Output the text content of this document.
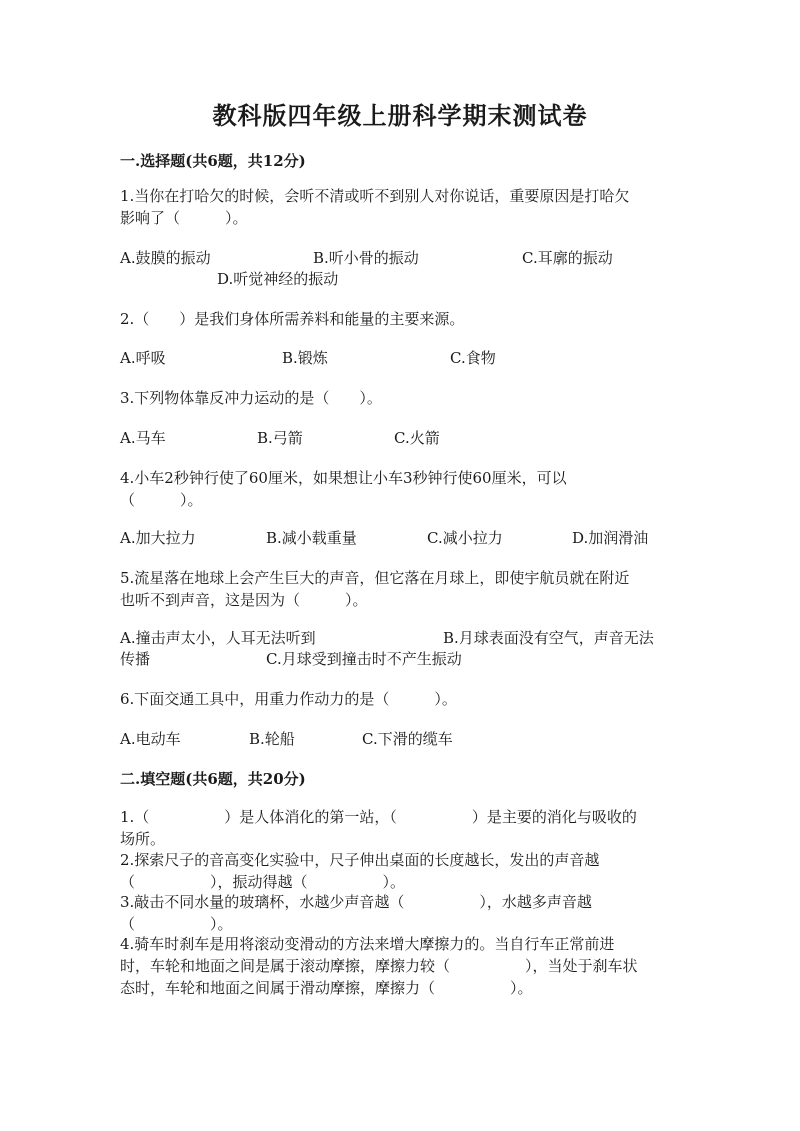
教科版四年级上册科学期末测试卷
一.选择题(共6题，共12分)
1.当你在打哈欠的时候，会听不清或听不到别人对你说话，重要原因是打哈欠
影响了（　　　）。
A.鼓膜的振动	B.听小骨的振动	C.耳廓的振动
D.听觉神经的振动
2.（　　）是我们身体所需养料和能量的主要来源。
A.呼吸	B.锻炼	C.食物
3.下列物体靠反冲力运动的是（　　）。
A.马车	B.弓箭	C.火箭
4.小车2秒钟行使了60厘米，如果想让小车3秒钟行使60厘米，可以
（　　　）。
A.加大拉力	B.减小载重量	C.减小拉力	D.加润滑油
5.流星落在地球上会产生巨大的声音，但它落在月球上，即使宇航员就在附近
也听不到声音，这是因为（　　　）。
A.撞击声太小，人耳无法听到	B.月球表面没有空气，声音无法
传播	C.月球受到撞击时不产生振动
6.下面交通工具中，用重力作动力的是（　　　）。
A.电动车	B.轮船	C.下滑的缆车
二.填空题(共6题，共20分)
1.（　　　　　）是人体消化的第一站，（　　　　　）是主要的消化与吸收的
场所。
2.探索尺子的音高变化实验中，尺子伸出桌面的长度越长，发出的声音越
（　　　　　），振动得越（　　　　　）。
3.敲击不同水量的玻璃杯，水越少声音越（　　　　　），水越多声音越
（　　　　　）。
4.骑车时刹车是用将滚动变滑动的方法来增大摩擦力的。当自行车正常前进
时，车轮和地面之间是属于滚动摩擦，摩擦力较（　　　　　），当处于刹车状
态时，车轮和地面之间属于滑动摩擦，摩擦力（　　　　　）。
